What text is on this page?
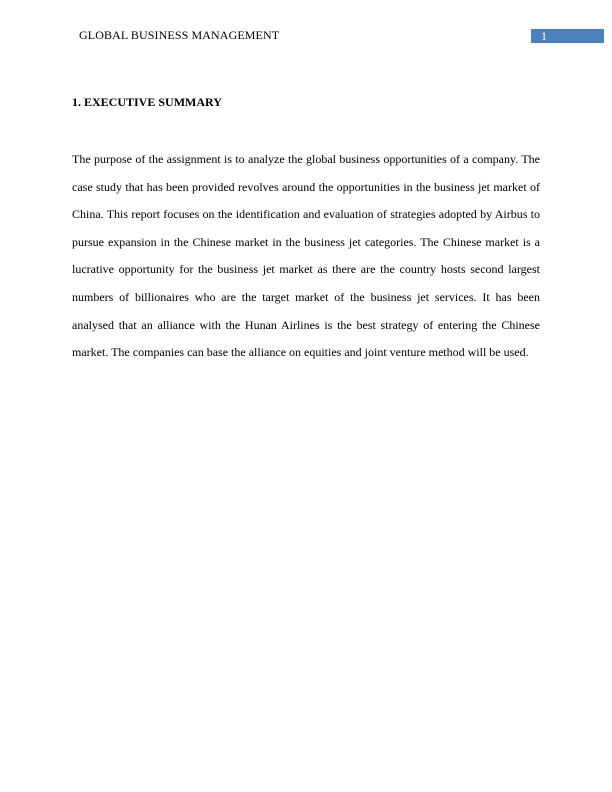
GLOBAL BUSINESS MANAGEMENT	1
1. EXECUTIVE SUMMARY

The purpose of the assignment is to analyze the global business opportunities of a company. The case study that has been provided revolves around the opportunities in the business jet market of China. This report focuses on the identification and evaluation of strategies adopted by Airbus to pursue expansion in the Chinese market in the business jet categories. The Chinese market is a lucrative opportunity for the business jet market as there are the country hosts second largest numbers of billionaires who are the target market of the business jet services. It has been analysed that an alliance with the Hunan Airlines is the best strategy of entering the Chinese market. The companies can base the alliance on equities and joint venture method will be used.
